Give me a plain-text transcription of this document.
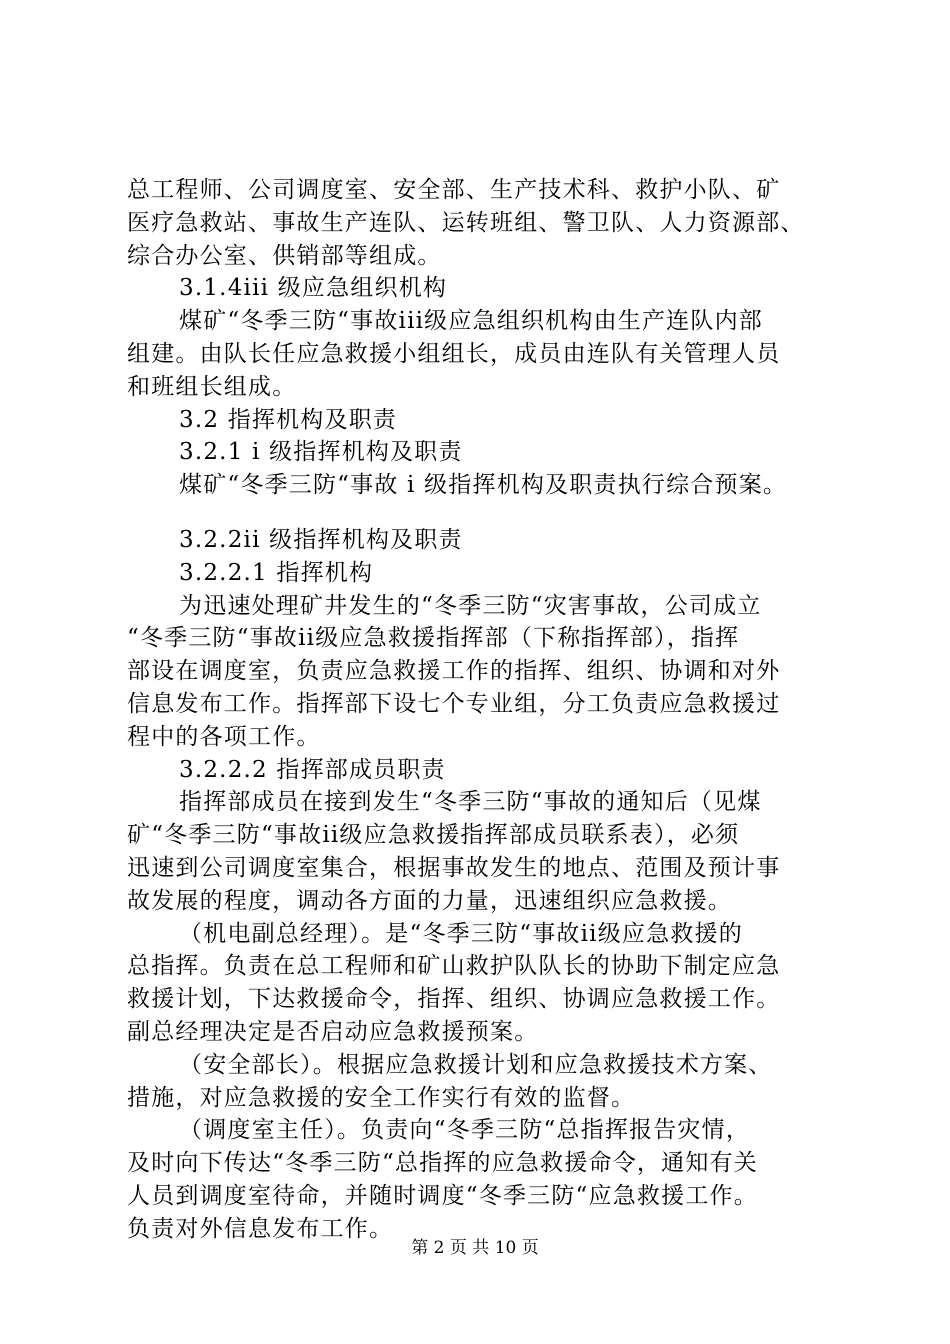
总工程师、公司调度室、安全部、生产技术科、救护小队、矿
医疗急救站、事故生产连队、运转班组、警卫队、人力资源部、
综合办公室、供销部等组成。
3.1.4iii 级应急组织机构
煤矿“冬季三防“事故iii级应急组织机构由生产连队内部
组建。由队长任应急救援小组组长，成员由连队有关管理人员
和班组长组成。
3.2 指挥机构及职责
3.2.1 i 级指挥机构及职责
煤矿“冬季三防“事故 i 级指挥机构及职责执行综合预案。
3.2.2ii 级指挥机构及职责
3.2.2.1 指挥机构
为迅速处理矿井发生的“冬季三防“灾害事故，公司成立
“冬季三防“事故ii级应急救援指挥部（下称指挥部），指挥
部设在调度室，负责应急救援工作的指挥、组织、协调和对外
信息发布工作。指挥部下设七个专业组，分工负责应急救援过
程中的各项工作。
3.2.2.2 指挥部成员职责
指挥部成员在接到发生“冬季三防“事故的通知后（见煤
矿“冬季三防“事故ii级应急救援指挥部成员联系表），必须
迅速到公司调度室集合，根据事故发生的地点、范围及预计事
故发展的程度，调动各方面的力量，迅速组织应急救援。
（机电副总经理）。是“冬季三防“事故ii级应急救援的
总指挥。负责在总工程师和矿山救护队队长的协助下制定应急
救援计划，下达救援命令，指挥、组织、协调应急救援工作。
副总经理决定是否启动应急救援预案。
（安全部长）。根据应急救援计划和应急救援技术方案、
措施，对应急救援的安全工作实行有效的监督。
（调度室主任）。负责向“冬季三防“总指挥报告灾情，
及时向下传达“冬季三防“总指挥的应急救援命令，通知有关
人员到调度室待命，并随时调度“冬季三防“应急救援工作。
负责对外信息发布工作。
第 2 页 共 10 页
